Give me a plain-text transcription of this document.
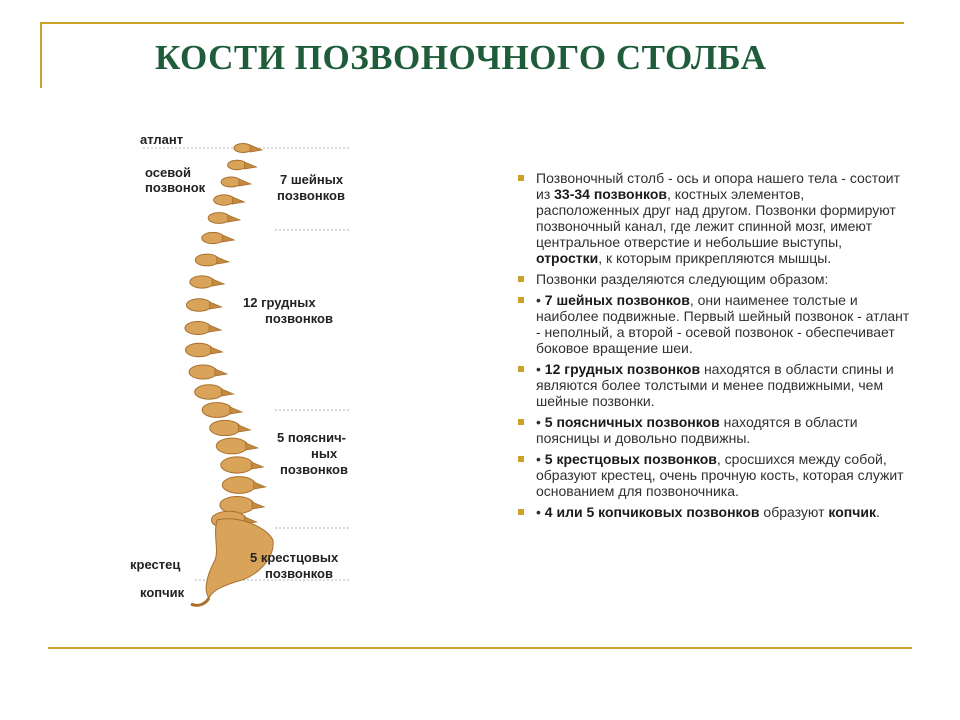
КОСТИ ПОЗВОНОЧНОГО СТОЛБА
атлант
осевой
позвонок
крестец
копчик
7 шейных
позвонков
12 грудных
позвонков
5 пояснич-
ных
позвонков
5 крестцовых
позвонков
Позвоночный столб - ось и опора нашего тела - состоит из 33-34 позвонков, костных элементов, расположенных друг над другом. Позвонки формируют позвоночный канал, где лежит спинной мозг, имеют центральное отверстие и небольшие выступы, отростки, к которым прикрепляются мышцы.
Позвонки разделяются следующим образом:
• 7 шейных позвонков, они наименее толстые и наиболее подвижные. Первый шейный позвонок - атлант - неполный, а второй - осевой позвонок - обеспечивает боковое вращение шеи.
• 12 грудных позвонков находятся в области спины и являются более толстыми и менее подвижными, чем шейные позвонки.
• 5 поясничных позвонков находятся в области поясницы и довольно подвижны.
• 5 крестцовых позвонков, сросшихся между собой, образуют крестец, очень прочную кость, которая служит основанием для позвоночника.
• 4 или 5 копчиковых позвонков образуют копчик.
